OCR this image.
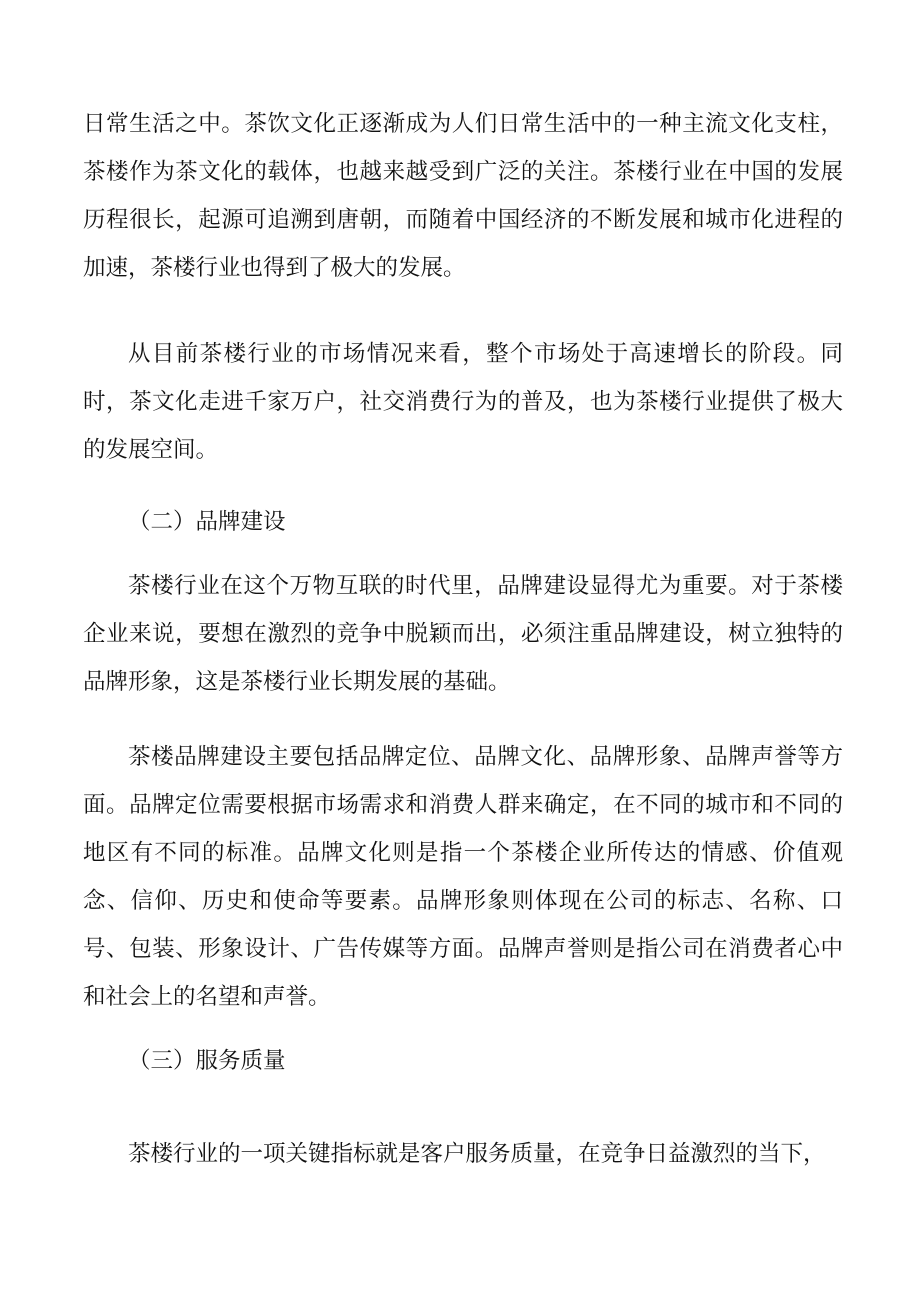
日常生活之中。茶饮文化正逐渐成为人们日常生活中的一种主流文化支柱，茶楼作为茶文化的载体，也越来越受到广泛的关注。茶楼行业在中国的发展历程很长，起源可追溯到唐朝，而随着中国经济的不断发展和城市化进程的加速，茶楼行业也得到了极大的发展。

从目前茶楼行业的市场情况来看，整个市场处于高速增长的阶段。同时，茶文化走进千家万户，社交消费行为的普及，也为茶楼行业提供了极大的发展空间。

（二）品牌建设

茶楼行业在这个万物互联的时代里，品牌建设显得尤为重要。对于茶楼企业来说，要想在激烈的竞争中脱颖而出，必须注重品牌建设，树立独特的品牌形象，这是茶楼行业长期发展的基础。

茶楼品牌建设主要包括品牌定位、品牌文化、品牌形象、品牌声誉等方面。品牌定位需要根据市场需求和消费人群来确定，在不同的城市和不同的地区有不同的标准。品牌文化则是指一个茶楼企业所传达的情感、价值观念、信仰、历史和使命等要素。品牌形象则体现在公司的标志、名称、口号、包装、形象设计、广告传媒等方面。品牌声誉则是指公司在消费者心中和社会上的名望和声誉。

（三）服务质量

茶楼行业的一项关键指标就是客户服务质量，在竞争日益激烈的当下，
